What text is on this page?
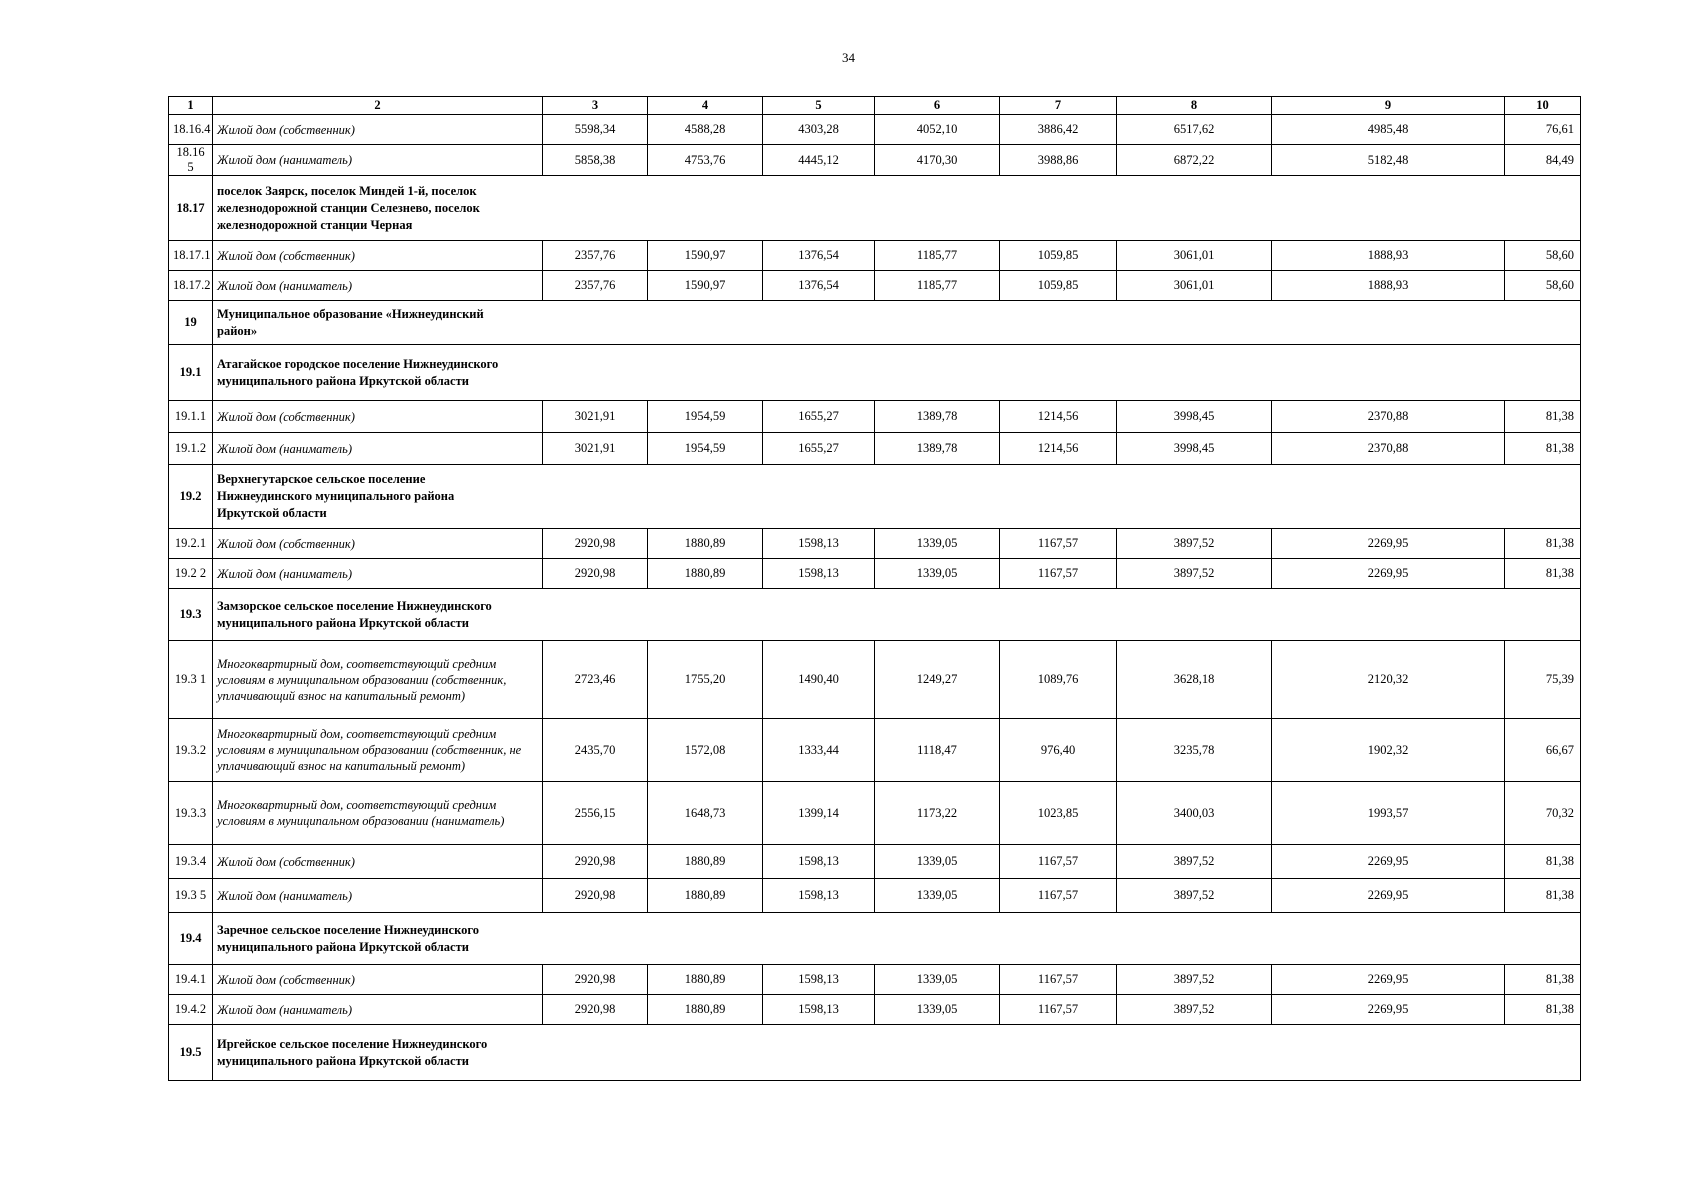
34
1	2	3	4	5	6	7	8	9	10
18.16.4	Жилой дом (собственник)	5598,34	4588,28	4303,28	4052,10	3886,42	6517,62	4985,48	76,61
18.16 5	Жилой дом (наниматель)	5858,38	4753,76	4445,12	4170,30	3988,86	6872,22	5182,48	84,49
18.17	поселок Заярск, поселок Миндей 1-й, поселок железнодорожной станции Селезнево, поселок железнодорожной станции Черная								

18.17.1	Жилой дом (собственник)	2357,76	1590,97	1376,54	1185,77	1059,85	3061,01	1888,93	58,60
18.17.2	Жилой дом (наниматель)	2357,76	1590,97	1376,54	1185,77	1059,85	3061,01	1888,93	58,60
19	Муниципальное образование «Нижнеудинский район»								

19.1	Атагайское городское поселение Нижнеудинского муниципального района Иркутской области								

19.1.1	Жилой дом (собственник)	3021,91	1954,59	1655,27	1389,78	1214,56	3998,45	2370,88	81,38
19.1.2	Жилой дом (наниматель)	3021,91	1954,59	1655,27	1389,78	1214,56	3998,45	2370,88	81,38
19.2	Верхнегутарское сельское поселение Нижнеудинского муниципального района Иркутской области								

19.2.1	Жилой дом (собственник)	2920,98	1880,89	1598,13	1339,05	1167,57	3897,52	2269,95	81,38
19.2 2	Жилой дом (наниматель)	2920,98	1880,89	1598,13	1339,05	1167,57	3897,52	2269,95	81,38
19.3	Замзорское сельское поселение Нижнеудинского муниципального района Иркутской области								

19.3 1	Многоквартирный дом, соответствующий средним условиям в муниципальном образовании (собственник, уплачивающий взнос на капитальный ремонт)	2723,46	1755,20	1490,40	1249,27	1089,76	3628,18	2120,32	75,39
19.3.2	Многоквартирный дом, соответствующий средним условиям в муниципальном образовании (собственник, не уплачивающий взнос на капитальный ремонт)	2435,70	1572,08	1333,44	1118,47	976,40	3235,78	1902,32	66,67
19.3.3	Многоквартирный дом, соответствующий средним условиям в муниципальном образовании (наниматель)	2556,15	1648,73	1399,14	1173,22	1023,85	3400,03	1993,57	70,32
19.3.4	Жилой дом (собственник)	2920,98	1880,89	1598,13	1339,05	1167,57	3897,52	2269,95	81,38
19.3 5	Жилой дом (наниматель)	2920,98	1880,89	1598,13	1339,05	1167,57	3897,52	2269,95	81,38
19.4	Заречное сельское поселение Нижнеудинского муниципального района Иркутской области								

19.4.1	Жилой дом (собственник)	2920,98	1880,89	1598,13	1339,05	1167,57	3897,52	2269,95	81,38
19.4.2	Жилой дом (наниматель)	2920,98	1880,89	1598,13	1339,05	1167,57	3897,52	2269,95	81,38
19.5	Иргейское сельское поселение Нижнеудинского муниципального района Иркутской области								
